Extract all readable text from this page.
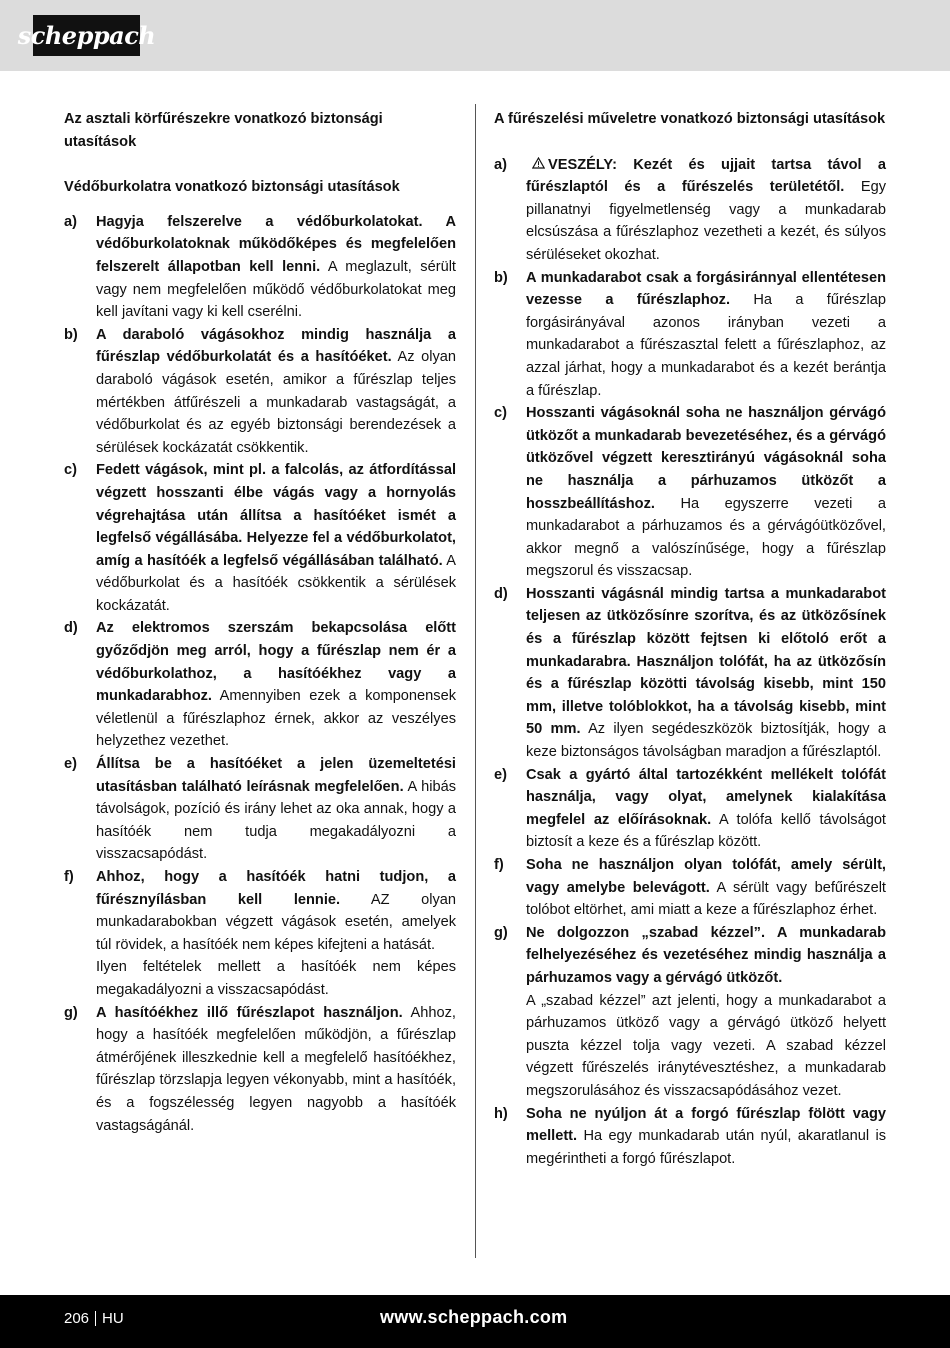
scheppach
Az asztali körfűrészekre vonatkozó biztonsági utasítások
Védőburkolatra vonatkozó biztonsági utasítások
a) Hagyja felszerelve a védőburkolatokat. A védőburkolatoknak működőképes és megfelelően felszerelt állapotban kell lenni. A meglazult, sérült vagy nem megfelelően működő védőburkolatokat meg kell javítani vagy ki kell cserélni.
b) A daraboló vágásokhoz mindig használja a fűrészlap védőburkolatát és a hasítóéket. Az olyan daraboló vágások esetén, amikor a fűrészlap teljes mértékben átfűrészeli a munkadarab vastagságát, a védőburkolat és az egyéb biztonsági berendezések a sérülések kockázatát csökkentik.
c) Fedett vágások, mint pl. a falcolás, az átfordítással végzett hosszanti élbe vágás vagy a hornyolás végrehajtása után állítsa a hasítóéket ismét a legfelső végállásába. Helyezze fel a védőburkolatot, amíg a hasítóék a legfelső végállásában található. A védőburkolat és a hasítóék csökkentik a sérülések kockázatát.
d) Az elektromos szerszám bekapcsolása előtt győződjön meg arról, hogy a fűrészlap nem ér a védőburkolathoz, a hasítóékhez vagy a munkadarabhoz. Amennyiben ezek a komponensek véletlenül a fűrészlaphoz érnek, akkor az veszélyes helyzethez vezethet.
e) Állítsa be a hasítóéket a jelen üzemeltetési utasításban található leírásnak megfelelően. A hibás távolságok, pozíció és irány lehet az oka annak, hogy a hasítóék nem tudja megakadályozni a visszacsapódást.
f) Ahhoz, hogy a hasítóék hatni tudjon, a fűrésznyílásban kell lennie. AZ olyan munkadarabokban végzett vágások esetén, amelyek túl rövidek, a hasítóék nem képes kifejteni a hatását.
Ilyen feltételek mellett a hasítóék nem képes megakadályozni a visszacsapódást.
g) A hasítóékhez illő fűrészlapot használjon. Ahhoz, hogy a hasítóék megfelelően működjön, a fűrészlap átmérőjének illeszkednie kell a megfelelő hasítóékhez, fűrészlap törzslapja legyen vékonyabb, mint a hasítóék, és a fogszélesség legyen nagyobb a hasítóék vastagságánál.
A fűrészelési műveletre vonatkozó biztonsági utasítások
a)	VESZÉLY: Kezét és ujjait tartsa távol a fűrészlaptól és a fűrészelés területétől. Egy pillanatnyi figyelmetlenség vagy a munkadarab elcsúszása a fűrészlaphoz vezetheti a kezét, és súlyos sérüléseket okozhat.
b) A munkadarabot csak a forgásiránnyal ellentétesen vezesse a fűrészlaphoz. Ha a fűrészlap forgásirányával azonos irányban vezeti a munkadarabot a fűrészasztal felett a fűrészlaphoz, az azzal járhat, hogy a munkadarabot és a kezét berántja a fűrészlap.
c) Hosszanti vágásoknál soha ne használjon gérvágó ütközőt a munkadarab bevezetéséhez, és a gérvágó ütközővel végzett keresztirányú vágásoknál soha ne használja a párhuzamos ütközőt a hosszbeállításhoz. Ha egyszerre vezeti a munkadarabot a párhuzamos és a gérvágóütközővel, akkor megnő a valószínűsége, hogy a fűrészlap megszorul és visszacsap.
d) Hosszanti vágásnál mindig tartsa a munkadarabot teljesen az ütközősínre szorítva, és az ütközősínek és a fűrészlap között fejtsen ki előtoló erőt a munkadarabra. Használjon tolófát, ha az ütközősín és a fűrészlap közötti távolság kisebb, mint 150 mm, illetve tolóblokkot, ha a távolság kisebb, mint 50 mm. Az ilyen segédeszközök biztosítják, hogy a keze biztonságos távolságban maradjon a fűrészlaptól.
e) Csak a gyártó által tartozékként mellékelt tolófát használja, vagy olyat, amelynek kialakítása megfelel az előírásoknak. A tolófa kellő távolságot biztosít a keze és a fűrészlap között.
f) Soha ne használjon olyan tolófát, amely sérült, vagy amelybe belevágott. A sérült vagy befűrészelt tolóbot eltörhet, ami miatt a keze a fűrészlaphoz érhet.
g) Ne dolgozzon „szabad kézzel”. A munkadarab felhelyezéséhez és vezetéséhez mindig használja a párhuzamos vagy a gérvágó ütközőt.
A „szabad kézzel” azt jelenti, hogy a munkadarabot a párhuzamos ütköző vagy a gérvágó ütköző helyett puszta kézzel tolja vagy vezeti. A szabad kézzel végzett fűrészelés iránytévesztéshez, a munkadarab megszorulásához és visszacsapódásához vezet.
h) Soha ne nyúljon át a forgó fűrészlap fölött vagy mellett. Ha egy munkadarab után nyúl, akaratlanul is megérintheti a forgó fűrészlapot.
206 HU	www.scheppach.com
